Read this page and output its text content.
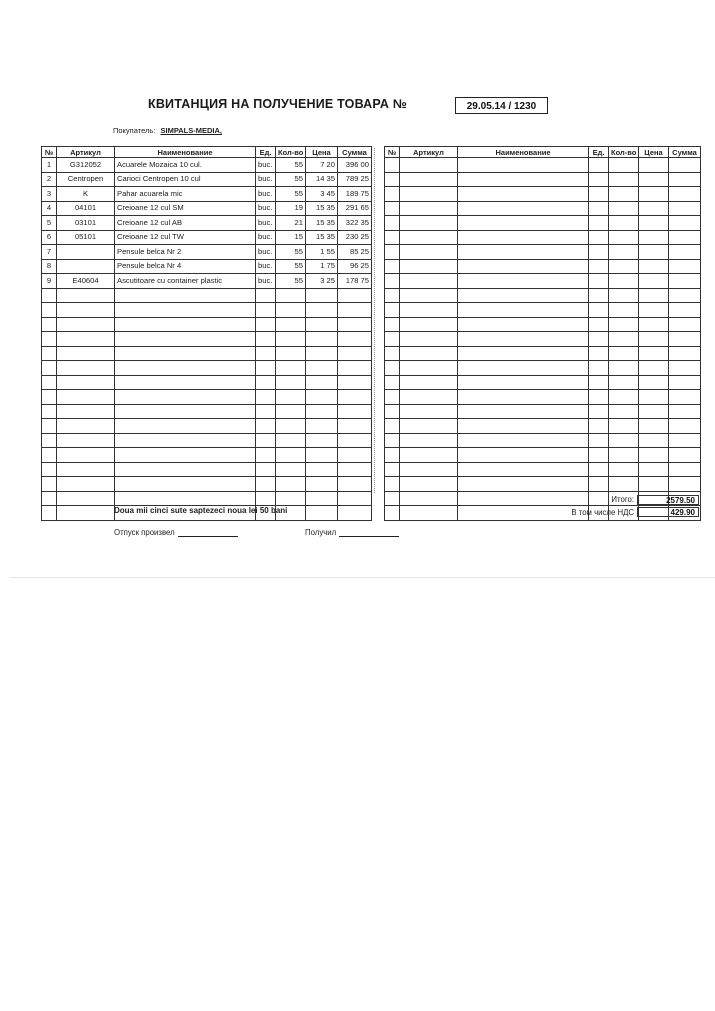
КВИТАНЦИЯ НА ПОЛУЧЕНИЕ ТОВАРА №	29.05.14 / 1230
Покупатель: SIMPALS-MEDIA,
№	Артикул	Наименование	Ед.	Кол-во	Цена	Сумма
1	G312052	Acuarele Mozaica 10 cul.	buc.	55	7 20	396 00
2	Centropen	Carioci Centropen 10 cul	buc.	55	14 35	789 25
3	K	Pahar acuarela mic	buc.	55	3 45	189 75
4	04101	Creioane 12 cul SM	buc.	19	15 35	291 65
5	03101	Creioane 12 cul AB	buc.	21	15 35	322 35
6	05101	Creioane 12 cul TW	buc.	15	15 35	230 25
7		Pensule belca Nr 2	buc.	55	1 55	85 25
8		Pensule belca Nr 4	buc.	55	1 75	96 25
9	E40604	Ascutitoare cu container plastic	buc.	55	3 25	178 75

№	Артикул	Наименование	Ед.	Кол-во	Цена	Сумма

Итого:	2579.50
В том числе НДС	429.90
Doua mii cinci sute saptezeci noua lei 50 bani
Отпуск произвел	Получил
